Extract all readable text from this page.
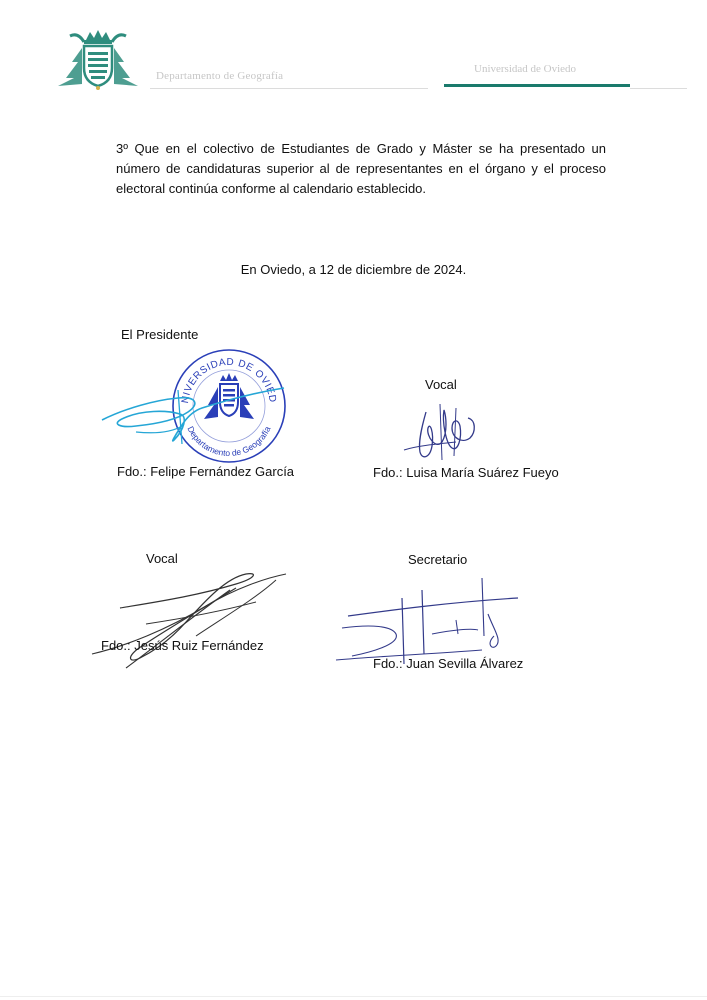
Departamento de Geografía
Universidad de Oviedo
3º Que en el colectivo de Estudiantes de Grado y Máster se ha presentado un número de candidaturas superior al de representantes en el órgano y el proceso electoral continúa conforme al calendario establecido.
En Oviedo, a 12 de diciembre de 2024.
El Presidente
UNIVERSIDAD DE OVIEDO
Departamento de Geografía
Fdo.: Felipe Fernández García
Vocal
Fdo.: Luisa María Suárez Fueyo
Vocal
Fdo.: Jesús Ruiz Fernández
Secretario
Fdo.: Juan Sevilla Álvarez
